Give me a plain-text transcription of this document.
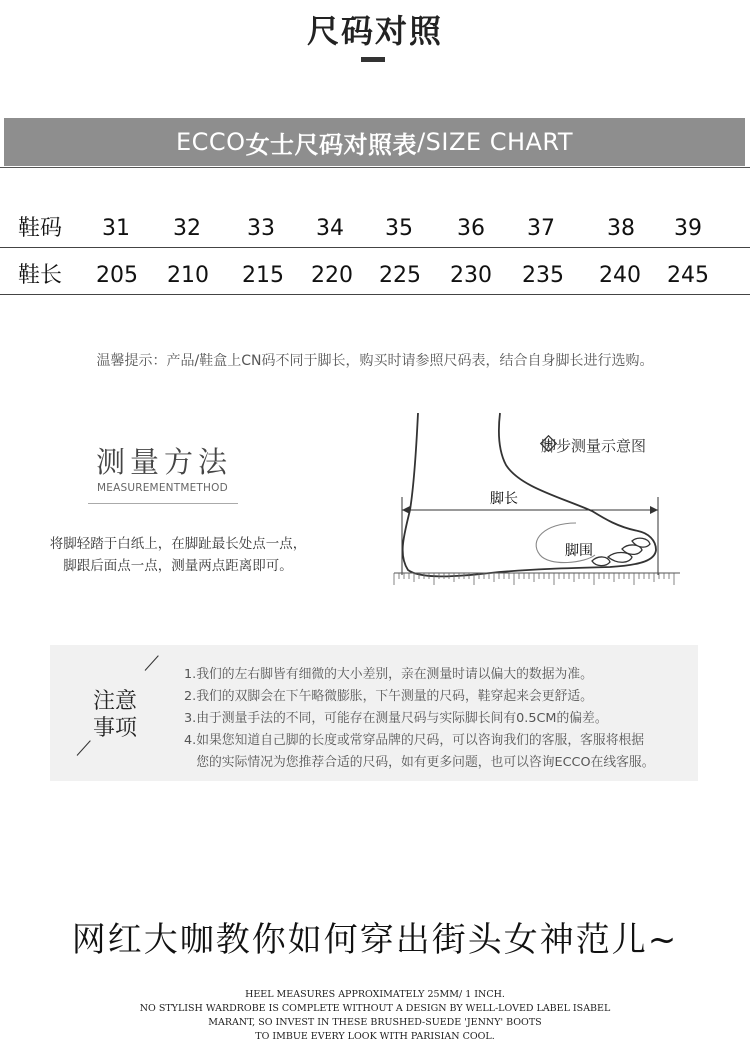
尺码对照
ECCO 女士尺码对照表 /SIZE CHART
鞋码 31 32 33 34 35 36 37 38 39
鞋长 205 210 215 220 225 230 235 240 245
温馨提示：产品/鞋盒上CN码不同于脚长，购买时请参照尺码表，结合自身脚长进行选购。
测量方法
MEASUREMENTMETHOD
将脚轻踏于白纸上，在脚趾最长处点一点，
脚跟后面点一点，测量两点距离即可。
脚长
脚围
脚步测量示意图
注意
事项
1.我们的左右脚皆有细微的大小差别，亲在测量时请以偏大的数据为准。
2.我们的双脚会在下午略微膨胀，下午测量的尺码，鞋穿起来会更舒适。
3.由于测量手法的不同，可能存在测量尺码与实际脚长间有0.5CM的偏差。
4.如果您知道自己脚的长度或常穿品牌的尺码，可以咨询我们的客服，客服将根据
您的实际情况为您推荐合适的尺码，如有更多问题，也可以咨询ECCO在线客服。
网红大咖教你如何穿出街头女神范儿~
HEEL MEASURES APPROXIMATELY 25MM/ 1 INCH.
NO STYLISH WARDROBE IS COMPLETE WITHOUT A DESIGN BY WELL-LOVED LABEL ISABEL
MARANT, SO INVEST IN THESE BRUSHED-SUEDE 'JENNY' BOOTS
TO IMBUE EVERY LOOK WITH PARISIAN COOL.
